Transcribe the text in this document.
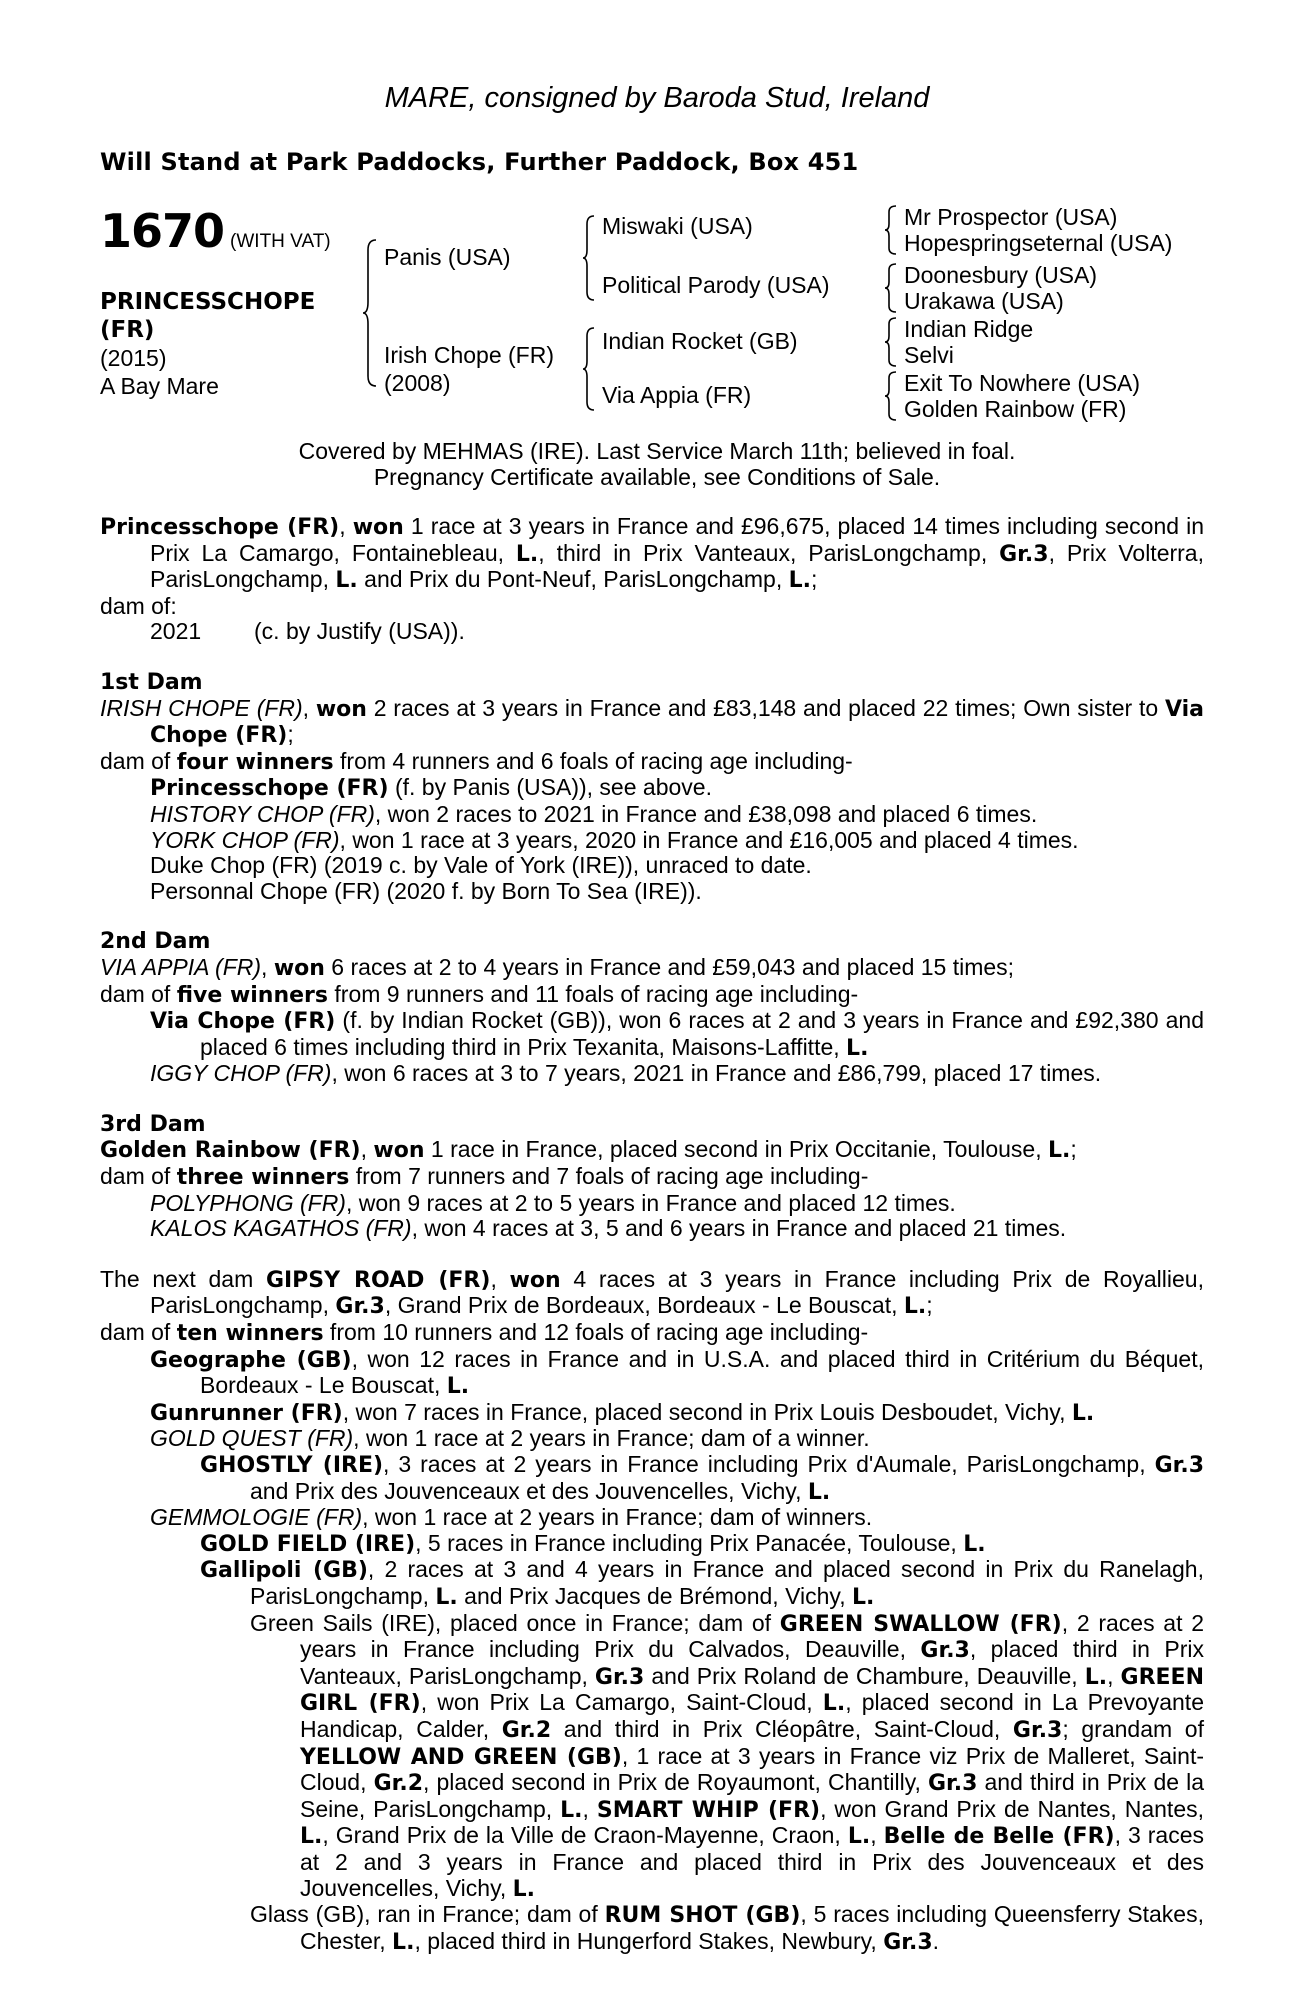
MARE, consigned by Baroda Stud, Ireland
Will Stand at Park Paddocks, Further Paddock, Box 451
1670 (WITH VAT)
PRINCESSCHOPE
(FR)
(2015)
A Bay Mare
Panis (USA)
Irish Chope (FR)
(2008)
Miswaki (USA)
Political Parody (USA)
Indian Rocket (GB)
Via Appia (FR)
Mr Prospector (USA)
Hopespringseternal (USA)
Doonesbury (USA)
Urakawa (USA)
Indian Ridge
Selvi
Exit To Nowhere (USA)
Golden Rainbow (FR)
Covered by MEHMAS (IRE). Last Service March 11th; believed in foal.
Pregnancy Certificate available, see Conditions of Sale.

Princesschope (FR), won 1 race at 3 years in France and £96,675, placed 14 times including second in Prix La Camargo, Fontainebleau, L., third in Prix Vanteaux, ParisLongchamp, Gr.3, Prix Volterra, ParisLongchamp, L. and Prix du Pont-Neuf, ParisLongchamp, L.;

dam of:

2021 (c. by Justify (USA)).

1st Dam

IRISH CHOPE (FR), won 2 races at 3 years in France and £83,148 and placed 22 times; Own sister to Via Chope (FR);

dam of four winners from 4 runners and 6 foals of racing age including-

Princesschope (FR) (f. by Panis (USA)), see above.

HISTORY CHOP (FR), won 2 races to 2021 in France and £38,098 and placed 6 times.

YORK CHOP (FR), won 1 race at 3 years, 2020 in France and £16,005 and placed 4 times.

Duke Chop (FR) (2019 c. by Vale of York (IRE)), unraced to date.

Personnal Chope (FR) (2020 f. by Born To Sea (IRE)).

2nd Dam

VIA APPIA (FR), won 6 races at 2 to 4 years in France and £59,043 and placed 15 times;

dam of five winners from 9 runners and 11 foals of racing age including-

Via Chope (FR) (f. by Indian Rocket (GB)), won 6 races at 2 and 3 years in France and £92,380 and placed 6 times including third in Prix Texanita, Maisons-Laffitte, L.

IGGY CHOP (FR), won 6 races at 3 to 7 years, 2021 in France and £86,799, placed 17 times.

3rd Dam

Golden Rainbow (FR), won 1 race in France, placed second in Prix Occitanie, Toulouse, L.;

dam of three winners from 7 runners and 7 foals of racing age including-

POLYPHONG (FR), won 9 races at 2 to 5 years in France and placed 12 times.

KALOS KAGATHOS (FR), won 4 races at 3, 5 and 6 years in France and placed 21 times.

The next dam GIPSY ROAD (FR), won 4 races at 3 years in France including Prix de Royallieu, ParisLongchamp, Gr.3, Grand Prix de Bordeaux, Bordeaux - Le Bouscat, L.;

dam of ten winners from 10 runners and 12 foals of racing age including-

Geographe (GB), won 12 races in France and in U.S.A. and placed third in Critérium du Béquet, Bordeaux - Le Bouscat, L.

Gunrunner (FR), won 7 races in France, placed second in Prix Louis Desboudet, Vichy, L.

GOLD QUEST (FR), won 1 race at 2 years in France; dam of a winner.

GHOSTLY (IRE), 3 races at 2 years in France including Prix d'Aumale, ParisLongchamp, Gr.3 and Prix des Jouvenceaux et des Jouvencelles, Vichy, L.

GEMMOLOGIE (FR), won 1 race at 2 years in France; dam of winners.

GOLD FIELD (IRE), 5 races in France including Prix Panacée, Toulouse, L.

Gallipoli (GB), 2 races at 3 and 4 years in France and placed second in Prix du Ranelagh, ParisLongchamp, L. and Prix Jacques de Brémond, Vichy, L.

Green Sails (IRE), placed once in France; dam of GREEN SWALLOW (FR), 2 races at 2 years in France including Prix du Calvados, Deauville, Gr.3, placed third in Prix Vanteaux, ParisLongchamp, Gr.3 and Prix Roland de Chambure, Deauville, L., GREEN GIRL (FR), won Prix La Camargo, Saint-Cloud, L., placed second in La Prevoyante Handicap, Calder, Gr.2 and third in Prix Cléopâtre, Saint-Cloud, Gr.3; grandam of YELLOW AND GREEN (GB), 1 race at 3 years in France viz Prix de Malleret, Saint-Cloud, Gr.2, placed second in Prix de Royaumont, Chantilly, Gr.3 and third in Prix de la Seine, ParisLongchamp, L., SMART WHIP (FR), won Grand Prix de Nantes, Nantes, L., Grand Prix de la Ville de Craon-Mayenne, Craon, L., Belle de Belle (FR), 3 races at 2 and 3 years in France and placed third in Prix des Jouvenceaux et des Jouvencelles, Vichy, L.

Glass (GB), ran in France; dam of RUM SHOT (GB), 5 races including Queensferry Stakes, Chester, L., placed third in Hungerford Stakes, Newbury, Gr.3.
